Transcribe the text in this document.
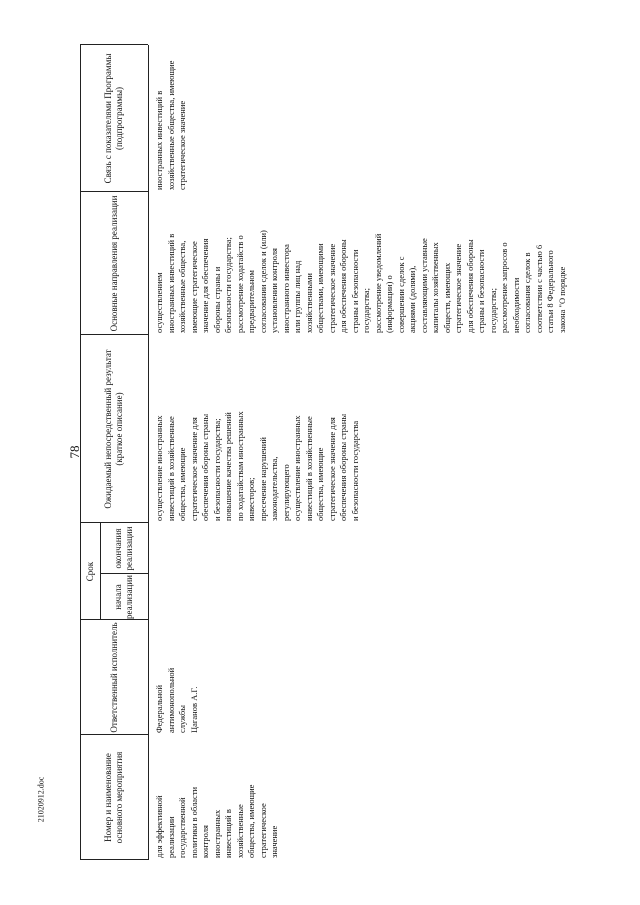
78
21020912.doc	Номер и наименование основного мероприятия
Ответственный исполнитель
Срок
начала реализации
окончания реализации
Ожидаемый непосредственный результат (краткое описание)
Основные направления реализации
Связь с показателями Программы (подпрограммы)
для эффективной
реализации
государственной
политики в области
контроля
иностранных
инвестиций в
хозяйственные
общества, имеющие
стратегическое
значение
Федеральной
антимонопольной
службы
Цаганов А.Г.
осуществление иностранных
инвестиций в хозяйственные
общества, имеющие
стратегическое значение для
обеспечения обороны страны
и безопасности государства;
повышение качества решений
по ходатайствам иностранных
инвесторов;
пресечение нарушений
законодательства,
регулирующего
осуществление иностранных
инвестиций в хозяйственные
общества, имеющие
стратегическое значение для
обеспечения обороны страны
и безопасности государства
осуществлением
иностранных инвестиций в
хозяйственные общества,
имеющие стратегическое
значение для обеспечения
обороны страны и
безопасности государства;
рассмотрение ходатайств о
предварительном
согласовании сделок и (или)
установлении контроля
иностранного инвестора
или группы лиц над
хозяйственными
обществами, имеющими
стратегическое значение
для обеспечения обороны
страны и безопасности
государства;
рассмотрение уведомлений
(информации) о
совершении сделок с
акциями (долями),
составляющими уставные
капиталы хозяйственных
обществ, имеющих
стратегическое значение
для обеспечения обороны
страны и безопасности
государства;
рассмотрение запросов о
необходимости
согласования сделок в
соответствии с частью 6
статьи 8 Федерального
закона "О порядке
иностранных инвестиций в
хозяйственные общества, имеющие
стратегическое значение
